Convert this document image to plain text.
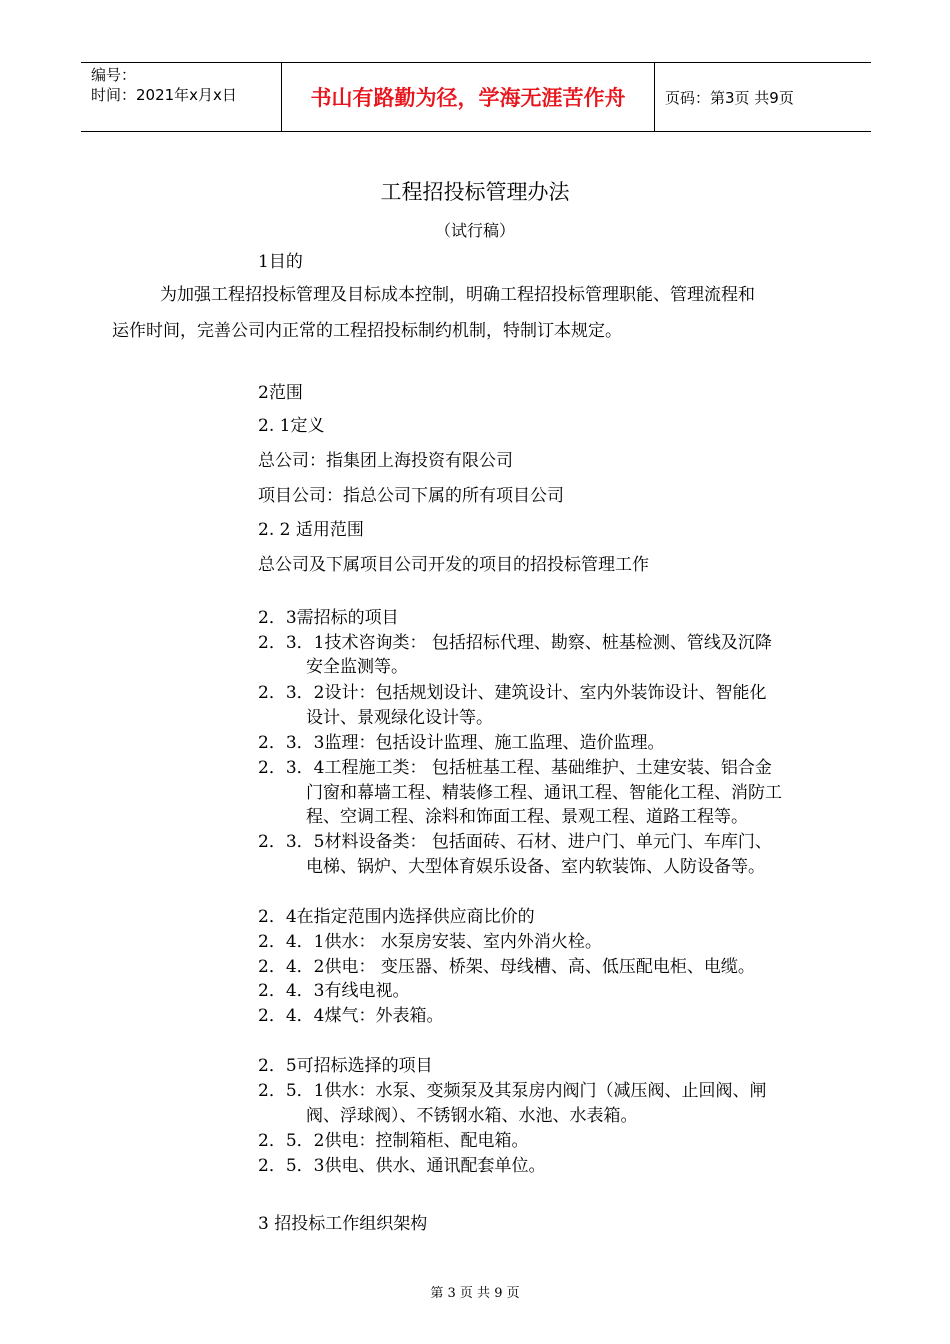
编号：
时间：2021年x月x日	书山有路勤为径，学海无涯苦作舟	页码：第3页 共9页
工程招投标管理办法
（试行稿）
1目的
为加强工程招投标管理及目标成本控制，明确工程招投标管理职能、管理流程和
运作时间，完善公司内正常的工程招投标制约机制，特制订本规定。
2范围
2. 1定义
总公司：指集团上海投资有限公司
项目公司：指总公司下属的所有项目公司
2. 2 适用范围
总公司及下属项目公司开发的项目的招投标管理工作
2．3需招标的项目
2．3．1技术咨询类： 包括招标代理、勘察、桩基检测、管线及沉降
安全监测等。
2．3．2设计：包括规划设计、建筑设计、室内外装饰设计、智能化
设计、景观绿化设计等。
2．3．3监理：包括设计监理、施工监理、造价监理。
2．3．4工程施工类： 包括桩基工程、基础维护、土建安装、铝合金
门窗和幕墙工程、精装修工程、通讯工程、智能化工程、消防工
程、空调工程、涂料和饰面工程、景观工程、道路工程等。
2．3．5材料设备类： 包括面砖、石材、进户门、单元门、车库门、
电梯、锅炉、大型体育娱乐设备、室内软装饰、人防设备等。
2．4在指定范围内选择供应商比价的
2．4．1供水： 水泵房安装、室内外消火栓。
2．4．2供电： 变压器、桥架、母线槽、高、低压配电柜、电缆。
2．4．3有线电视。
2．4．4煤气：外表箱。
2．5可招标选择的项目
2．5．1供水：水泵、变频泵及其泵房内阀门（减压阀、止回阀、闸
阀、浮球阀）、不锈钢水箱、水池、水表箱。
2．5．2供电：控制箱柜、配电箱。
2．5．3供电、供水、通讯配套单位。
3 招投标工作组织架构
第 3 页 共 9 页
